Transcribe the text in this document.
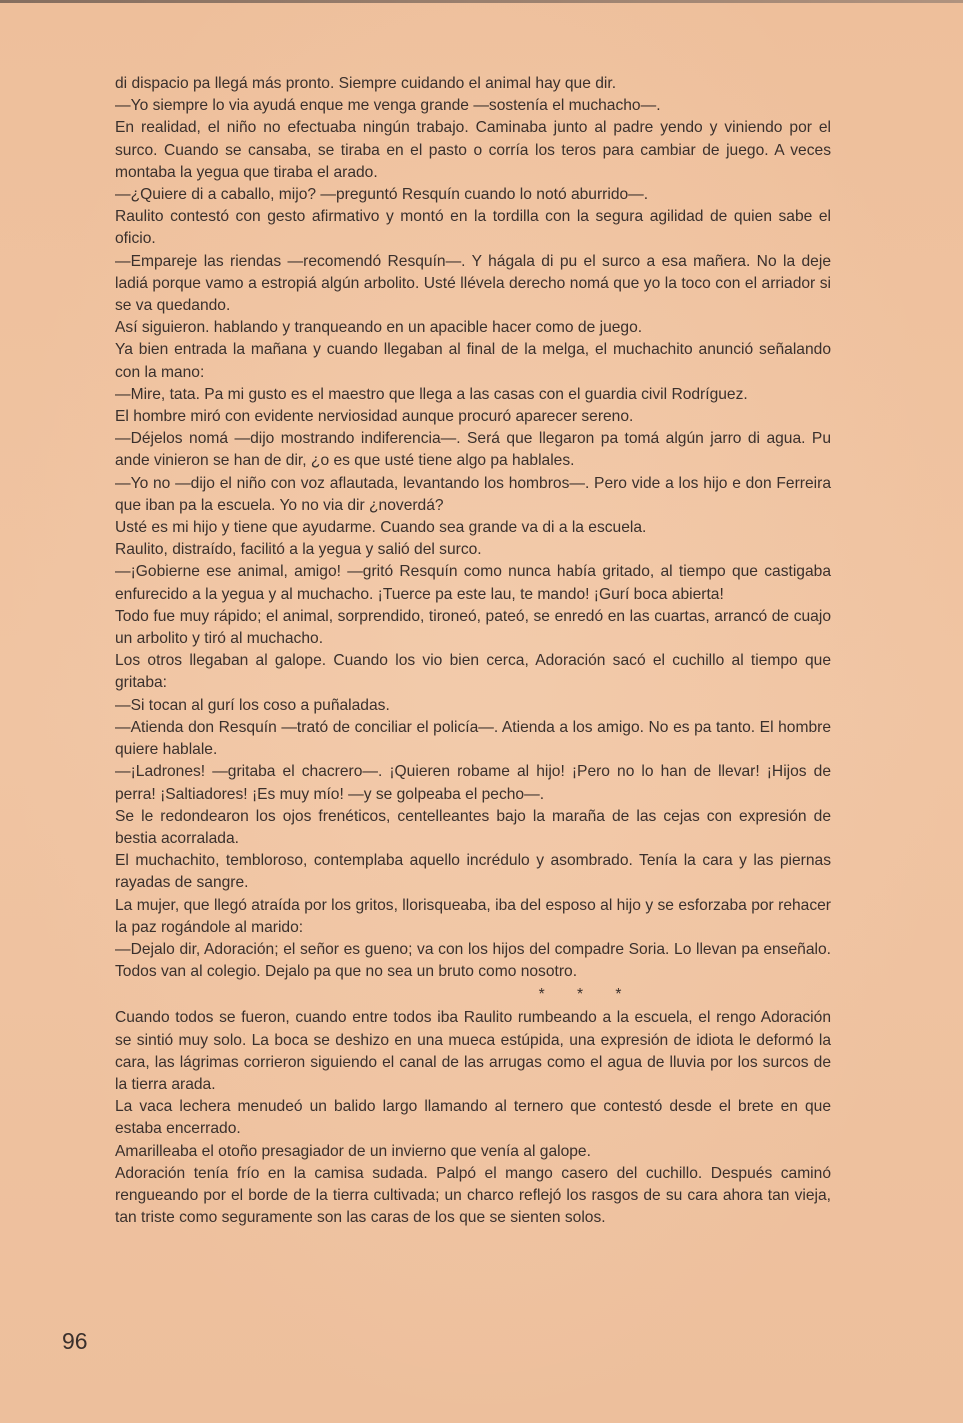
di dispacio pa llegá más pronto. Siempre cuidando el animal hay que dir.

—Yo siempre lo via ayudá enque me venga grande —sostenía el muchacho—.

En realidad, el niño no efectuaba ningún trabajo. Caminaba junto al padre yendo y viniendo por el surco. Cuando se cansaba, se tiraba en el pasto o corría los teros para cambiar de juego. A veces montaba la yegua que tiraba el arado.

—¿Quiere di a caballo, mijo? —preguntó Resquín cuando lo notó aburrido—.

Raulito contestó con gesto afirmativo y montó en la tordilla con la segura agilidad de quien sabe el oficio.

—Empareje las riendas —recomendó Resquín—. Y hágala di pu el surco a esa mañera. No la deje ladiá porque vamo a estropiá algún arbolito. Usté llévela derecho nomá que yo la toco con el arriador si se va quedando.

Así siguieron. hablando y tranqueando en un apacible hacer como de juego.

Ya bien entrada la mañana y cuando llegaban al final de la melga, el muchachito anunció señalando con la mano:

—Mire, tata. Pa mi gusto es el maestro que llega a las casas con el guardia civil Rodríguez.

El hombre miró con evidente nerviosidad aunque procuró aparecer sereno.

—Déjelos nomá —dijo mostrando indiferencia—. Será que llegaron pa tomá algún jarro di agua. Pu ande vinieron se han de dir, ¿o es que usté tiene algo pa hablales.

—Yo no —dijo el niño con voz aflautada, levantando los hombros—. Pero vide a los hijo e don Ferreira que iban pa la escuela. Yo no via dir ¿noverdá?

Usté es mi hijo y tiene que ayudarme. Cuando sea grande va di a la escuela.

Raulito, distraído, facilitó a la yegua y salió del surco.

—¡Gobierne ese animal, amigo! —gritó Resquín como nunca había gritado, al tiempo que castigaba enfurecido a la yegua y al muchacho. ¡Tuerce pa este lau, te mando! ¡Gurí boca abierta!

Todo fue muy rápido; el animal, sorprendido, tironeó, pateó, se enredó en las cuartas, arrancó de cuajo un arbolito y tiró al muchacho.

Los otros llegaban al galope. Cuando los vio bien cerca, Adoración sacó el cuchillo al tiempo que gritaba:

—Si tocan al gurí los coso a puñaladas.

—Atienda don Resquín —trató de conciliar el policía—. Atienda a los amigo. No es pa tanto. El hombre quiere hablale.

—¡Ladrones! —gritaba el chacrero—. ¡Quieren robame al hijo! ¡Pero no lo han de llevar! ¡Hijos de perra! ¡Saltiadores! ¡Es muy mío! —y se golpeaba el pecho—.

Se le redondearon los ojos frenéticos, centelleantes bajo la maraña de las cejas con expresión de bestia acorralada.

El muchachito, tembloroso, contemplaba aquello incrédulo y asombrado. Tenía la cara y las piernas rayadas de sangre.

La mujer, que llegó atraída por los gritos, llorisqueaba, iba del esposo al hijo y se esforzaba por rehacer la paz rogándole al marido:

—Dejalo dir, Adoración; el señor es gueno; va con los hijos del compadre Soria. Lo llevan pa enseñalo. Todos van al colegio. Dejalo pa que no sea un bruto como nosotro.

* * *

Cuando todos se fueron, cuando entre todos iba Raulito rumbeando a la escuela, el rengo Adoración se sintió muy solo. La boca se deshizo en una mueca estúpida, una expresión de idiota le deformó la cara, las lágrimas corrieron siguiendo el canal de las arrugas como el agua de lluvia por los surcos de la tierra arada.

La vaca lechera menudeó un balido largo llamando al ternero que contestó desde el brete en que estaba encerrado.

Amarilleaba el otoño presagiador de un invierno que venía al galope.

Adoración tenía frío en la camisa sudada. Palpó el mango casero del cuchillo. Después caminó rengueando por el borde de la tierra cultivada; un charco reflejó los rasgos de su cara ahora tan vieja, tan triste como seguramente son las caras de los que se sienten solos.

96
